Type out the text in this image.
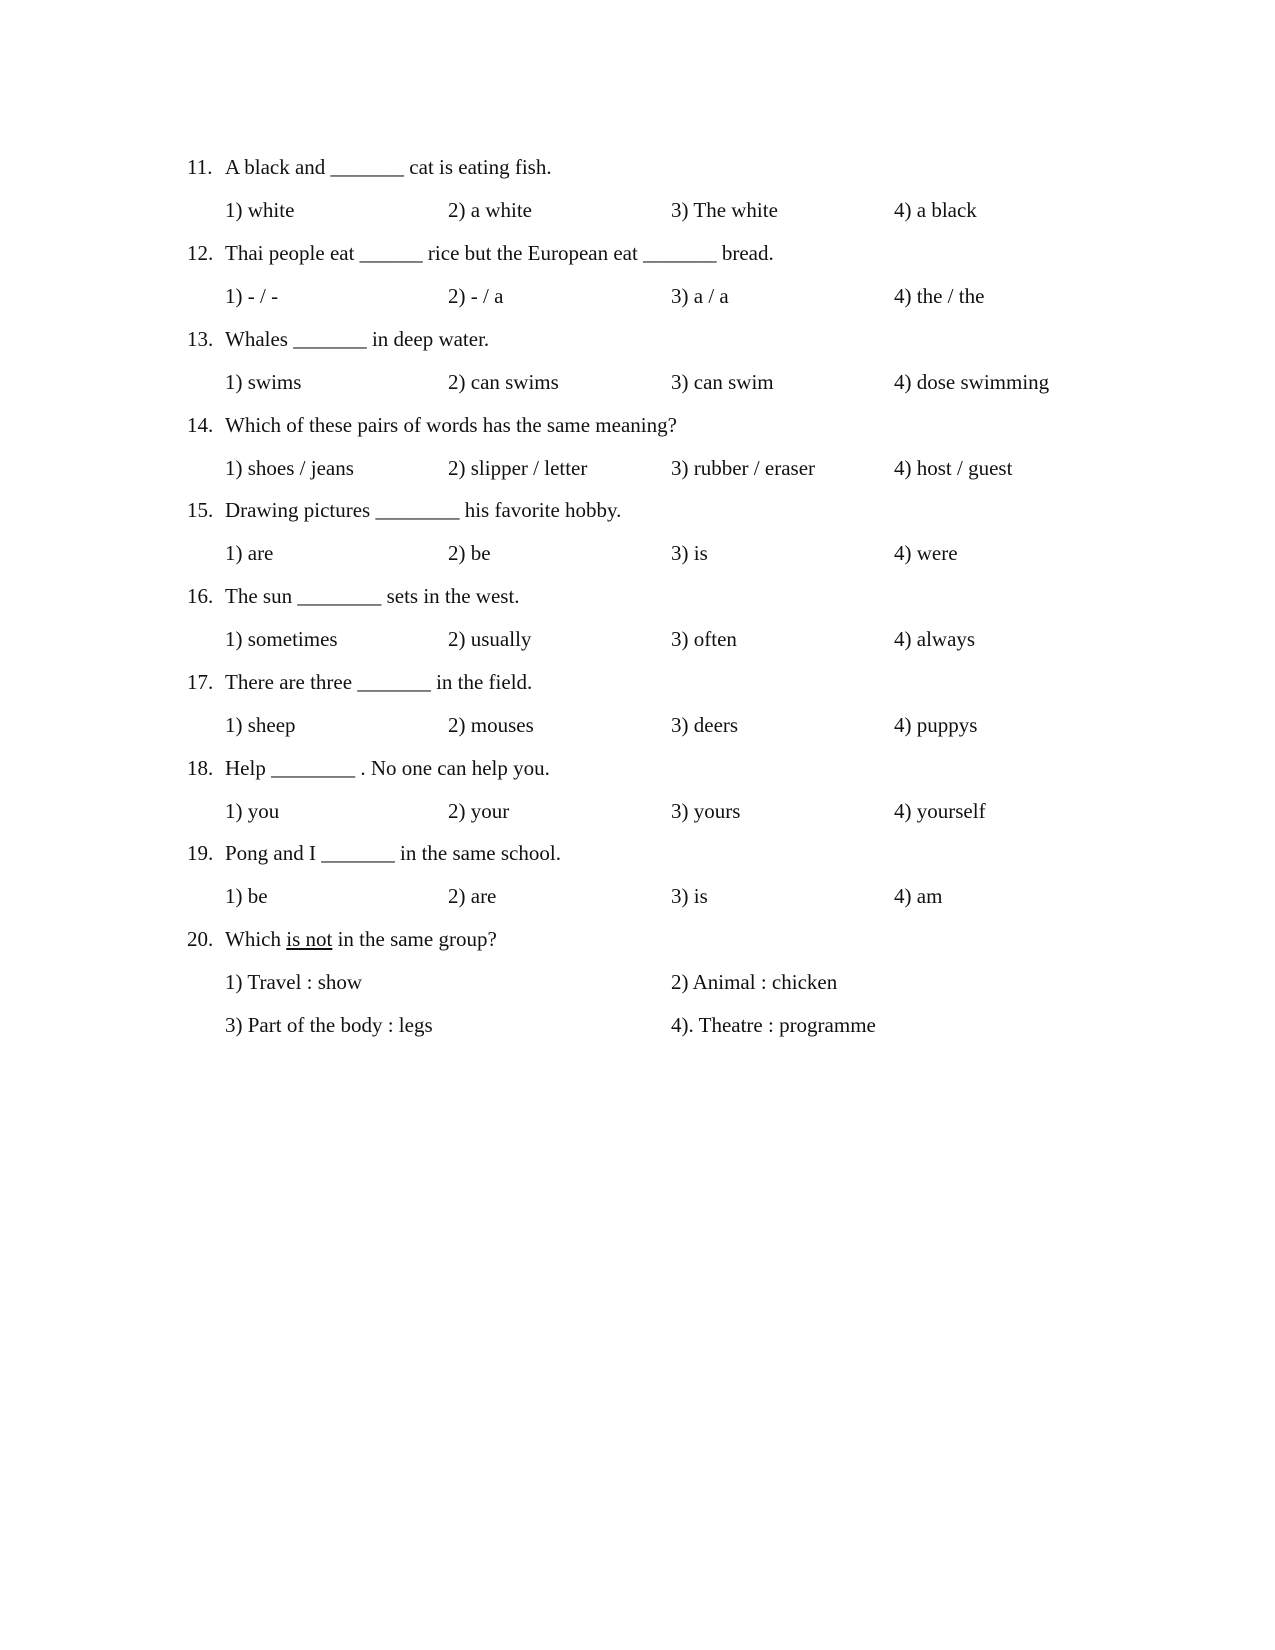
11. A black and _______ cat is eating fish.
1) white	2) a white	3) The white	4) a black
12. Thai people eat ______ rice but the European eat _______ bread.
1) - / -	2) - / a	3) a / a	4) the / the
13. Whales _______ in deep water.
1) swims	2) can swims	3) can swim	4) dose swimming
14. Which of these pairs of words has the same meaning?
1) shoes / jeans	2) slipper / letter	3) rubber / eraser	4) host / guest
15. Drawing pictures ________ his favorite hobby.
1) are	2) be	3) is	4) were
16. The sun ________ sets in the west.
1) sometimes	2) usually	3) often	4) always
17. There are three _______ in the field.
1) sheep	2) mouses	3) deers	4) puppys
18. Help ________ . No one can help you.
1) you	2) your	3) yours	4) yourself
19. Pong and I _______ in the same school.
1) be	2) are	3) is	4) am
20. Which is not in the same group?
1) Travel : show	2) Animal : chicken
3) Part of the body : legs	4). Theatre : programme
